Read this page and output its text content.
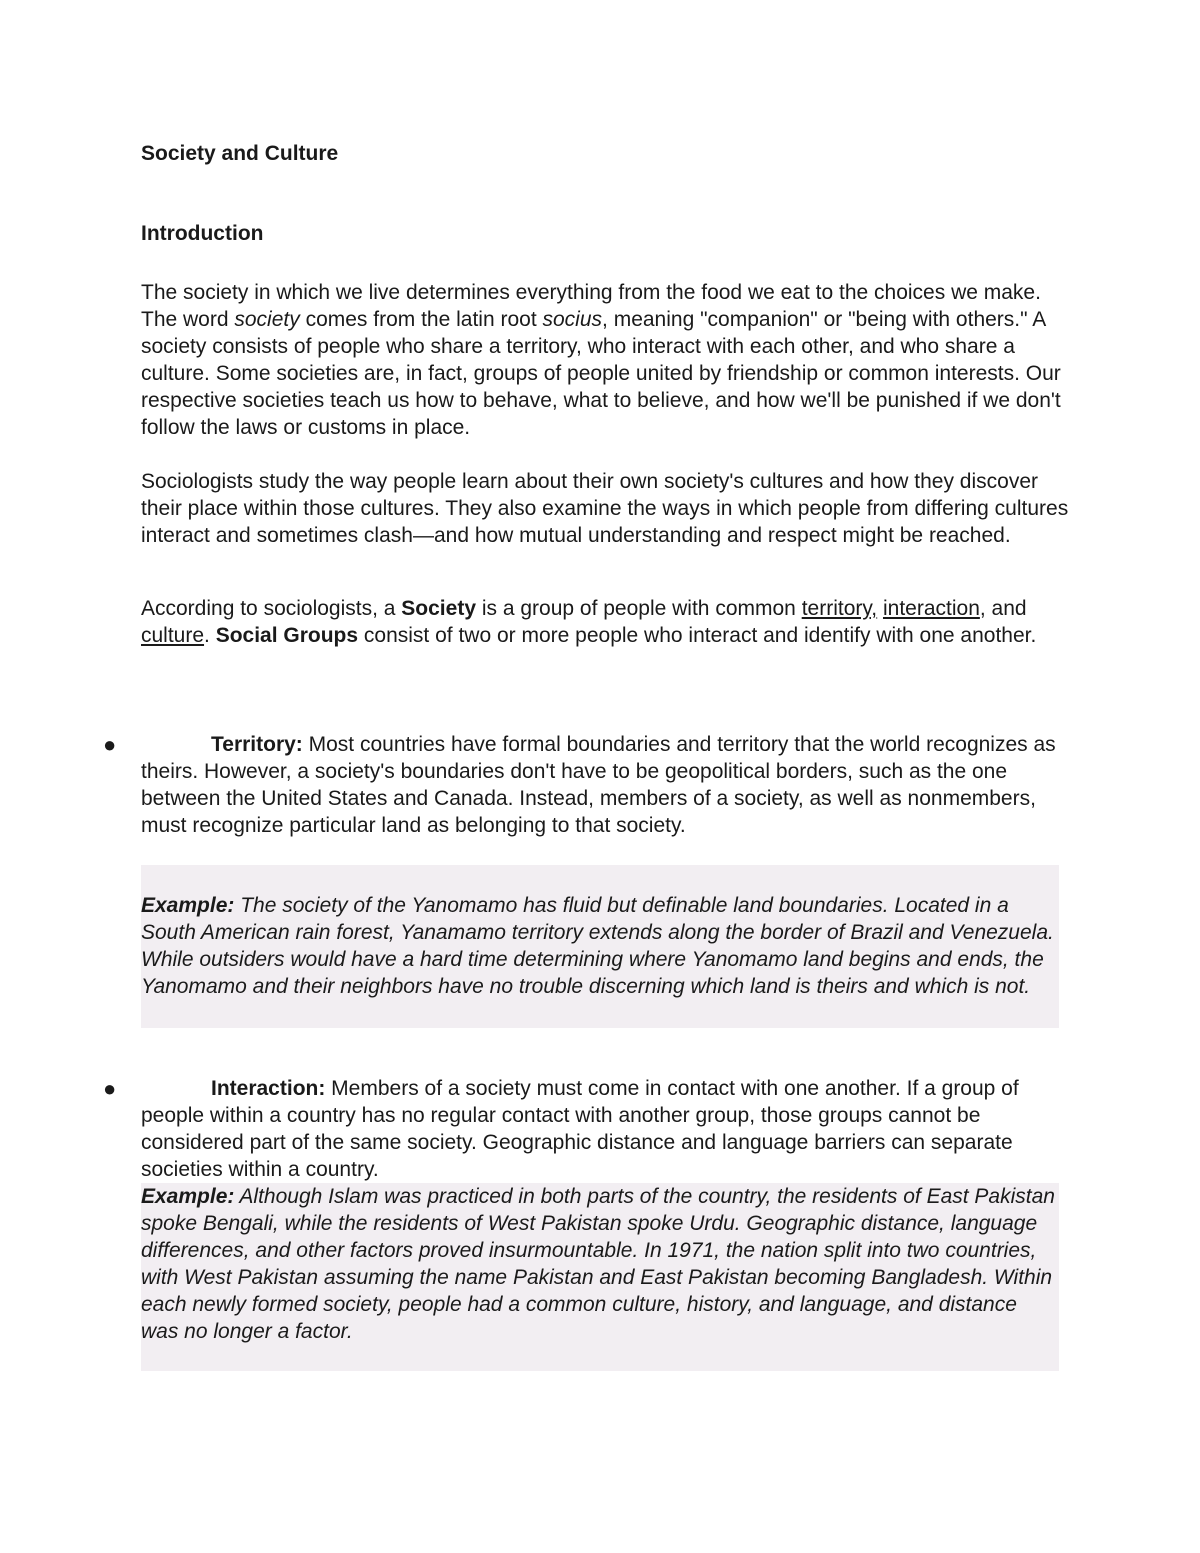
Society and Culture
Introduction

The society in which we live determines everything from the food we eat to the choices we make. The word society comes from the latin root socius, meaning "companion" or "being with others." A society consists of people who share a territory, who interact with each other, and who share a culture. Some societies are, in fact, groups of people united by friendship or common interests. Our respective societies teach us how to behave, what to believe, and how we'll be punished if we don't follow the laws or customs in place.

Sociologists study the way people learn about their own society's cultures and how they discover their place within those cultures. They also examine the ways in which people from differing cultures interact and sometimes clash—and how mutual understanding and respect might be reached.

According to sociologists, a Society is a group of people with common territory, interaction, and culture. Social Groups consist of two or more people who interact and identify with one another.

●	Territory: Most countries have formal boundaries and territory that the world recognizes as theirs. However, a society's boundaries don't have to be geopolitical borders, such as the one between the United States and Canada. Instead, members of a society, as well as nonmembers, must recognize particular land as belonging to that society.

Example: The society of the Yanomamo has fluid but definable land boundaries. Located in a South American rain forest, Yanamamo territory extends along the border of Brazil and Venezuela. While outsiders would have a hard time determining where Yanomamo land begins and ends, the Yanomamo and their neighbors have no trouble discerning which land is theirs and which is not.

●	Interaction: Members of a society must come in contact with one another. If a group of people within a country has no regular contact with another group, those groups cannot be considered part of the same society. Geographic distance and language barriers can separate societies within a country.

Example: Although Islam was practiced in both parts of the country, the residents of East Pakistan spoke Bengali, while the residents of West Pakistan spoke Urdu. Geographic distance, language differences, and other factors proved insurmountable. In 1971, the nation split into two countries, with West Pakistan assuming the name Pakistan and East Pakistan becoming Bangladesh. Within each newly formed society, people had a common culture, history, and language, and distance was no longer a factor.
